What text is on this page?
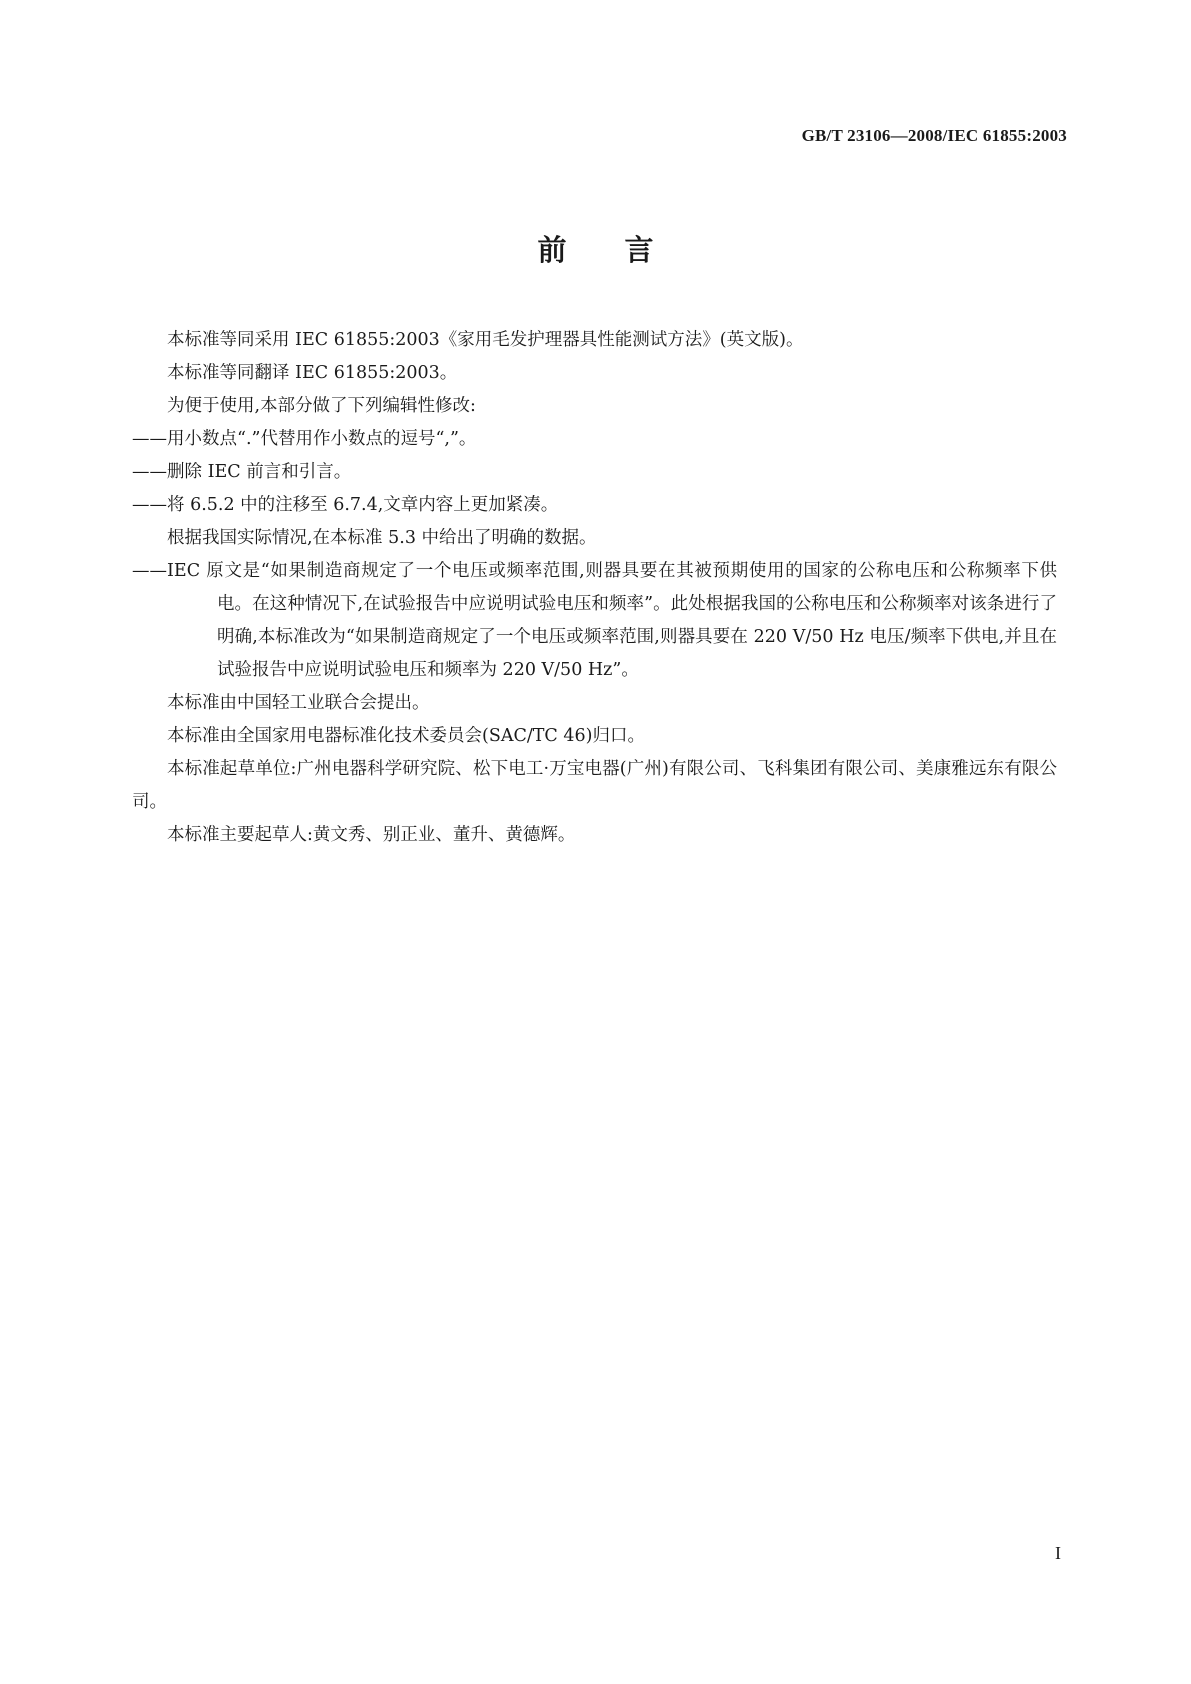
GB/T 23106—2008/IEC 61855:2003
前言

本标准等同采用 IEC 61855:2003《家用毛发护理器具性能测试方法》(英文版)。

本标准等同翻译 IEC 61855:2003。

为便于使用,本部分做了下列编辑性修改:

——用小数点“.”代替用作小数点的逗号“,”。

——删除 IEC 前言和引言。

——将 6.5.2 中的注移至 6.7.4,文章内容上更加紧凑。

根据我国实际情况,在本标准 5.3 中给出了明确的数据。

——IEC 原文是“如果制造商规定了一个电压或频率范围,则器具要在其被预期使用的国家的公称电压和公称频率下供电。在这种情况下,在试验报告中应说明试验电压和频率”。此处根据我国的公称电压和公称频率对该条进行了明确,本标准改为“如果制造商规定了一个电压或频率范围,则器具要在 220 V/50 Hz 电压/频率下供电,并且在试验报告中应说明试验电压和频率为 220 V/50 Hz”。

本标准由中国轻工业联合会提出。

本标准由全国家用电器标准化技术委员会(SAC/TC 46)归口。

本标准起草单位:广州电器科学研究院、松下电工·万宝电器(广州)有限公司、飞科集团有限公司、美康雅远东有限公司。

本标准主要起草人:黄文秀、别正业、董升、黄德辉。

I
